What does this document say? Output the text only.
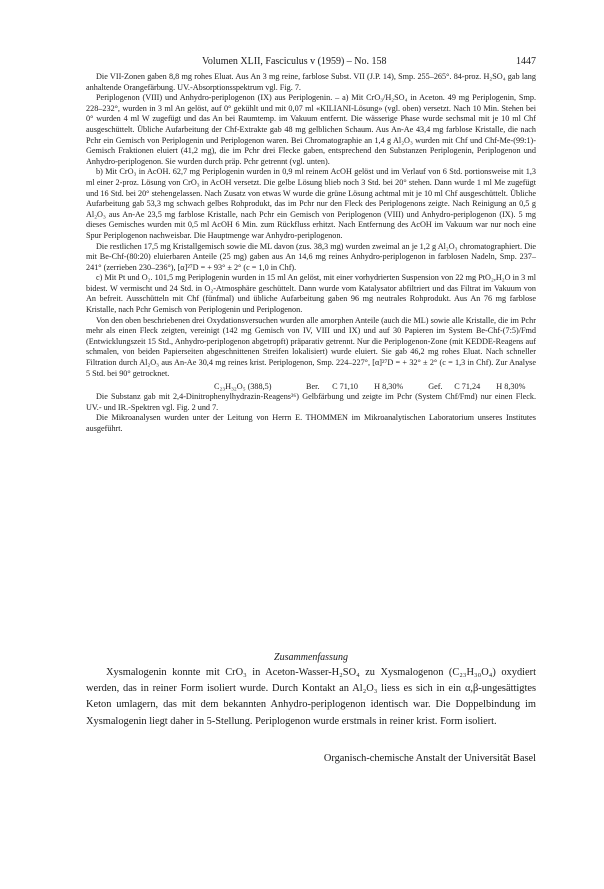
Volumen XLII, Fasciculus v (1959) – No. 158	1447

Die VII-Zonen gaben 8,8 mg rohes Eluat. Aus An 3 mg reine, farblose Subst. VII (J.P. 14), Smp. 255–265°. 84-proz. H₂SO₄ gab lang anhaltende Orangefärbung. UV.-Absorptionsspektrum vgl. Fig. 7.

Periplogenon (VIII) und Anhydro-periplogenon (IX) aus Periplogenin. – a) Mit CrO₃/H₂SO₄ in Aceton. 49 mg Periplogenin, Smp. 228–232°, wurden in 3 ml An gelöst, auf 0° gekühlt und mit 0,07 ml «KILIANI-Lösung» (vgl. oben) versetzt. Nach 10 Min. Stehen bei 0° wurden 4 ml W zugefügt und das An bei Raumtemp. im Vakuum entfernt. Die wässerige Phase wurde sechsmal mit je 10 ml Chf ausgeschüttelt. Übliche Aufarbeitung der Chf-Extrakte gab 48 mg gelblichen Schaum. Aus An-Ae 43,4 mg farblose Kristalle, die nach Pchr ein Gemisch von Periplogenin und Periplogenon waren. Bei Chromatographie an 1,4 g Al₂O₃ wurden mit Chf und Chf-Me-(99:1)-Gemisch Fraktionen eluiert (41,2 mg), die im Pchr drei Flecke gaben, entsprechend den Substanzen Periplogenin, Periplogenon und Anhydro-periplogenon. Sie wurden durch präp. Pchr getrennt (vgl. unten).

b) Mit CrO₃ in AcOH. 62,7 mg Periplogenin wurden in 0,9 ml reinem AcOH gelöst und im Verlauf von 6 Std. portionsweise mit 1,3 ml einer 2-proz. Lösung von CrO₃ in AcOH versetzt. Die gelbe Lösung blieb noch 3 Std. bei 20° stehen. Dann wurde 1 ml Me zugefügt und 16 Std. bei 20° stehengelassen. Nach Zusatz von etwas W wurde die grüne Lösung achtmal mit je 10 ml Chf ausgeschüttelt. Übliche Aufarbeitung gab 53,3 mg schwach gelbes Rohprodukt, das im Pchr nur den Fleck des Periplogenons zeigte. Nach Reinigung an 0,5 g Al₂O₃ aus An-Ae 23,5 mg farblose Kristalle, nach Pchr ein Gemisch von Periplogenon (VIII) und Anhydro-periplogenon (IX). 5 mg dieses Gemisches wurden mit 0,5 ml AcOH 6 Min. zum Rückfluss erhitzt. Nach Entfernung des AcOH im Vakuum war nur noch eine Spur Periplogenon nachweisbar. Die Hauptmenge war Anhydro-periplogenon.

Die restlichen 17,5 mg Kristallgemisch sowie die ML davon (zus. 38,3 mg) wurden zweimal an je 1,2 g Al₂O₃ chromatographiert. Die mit Be-Chf-(80:20) eluierbaren Anteile (25 mg) gaben aus An 14,6 mg reines Anhydro-periplogenon in farblosen Nadeln, Smp. 237–241° (zerrieben 230–236°), [α]²⁷D = + 93° ± 2° (c = 1,0 in Chf).

c) Mit Pt und O₂. 101,5 mg Periplogenin wurden in 15 ml An gelöst, mit einer vorhydrierten Suspension von 22 mg PtO₂,H₂O in 3 ml bidest. W vermischt und 24 Std. in O₂-Atmosphäre geschüttelt. Dann wurde vom Katalysator abfiltriert und das Filtrat im Vakuum von An befreit. Ausschütteln mit Chf (fünfmal) und übliche Aufarbeitung gaben 96 mg neutrales Rohprodukt. Aus An 76 mg farblose Kristalle, nach Pchr Gemisch von Periplogenin und Periplogenon.

Von den oben beschriebenen drei Oxydationsversuchen wurden alle amorphen Anteile (auch die ML) sowie alle Kristalle, die im Pchr mehr als einen Fleck zeigten, vereinigt (142 mg Gemisch von IV, VIII und IX) und auf 30 Papieren im System Be-Chf-(7:5)/Fmd (Entwicklungszeit 15 Std., Anhydro-periplogenon abgetropft) präparativ getrennt. Nur die Periplogenon-Zone (mit KEDDE-Reagens auf schmalen, von beiden Papierseiten abgeschnittenen Streifen lokalisiert) wurde eluiert. Sie gab 46,2 mg rohes Eluat. Nach schneller Filtration durch Al₂O₃ aus An-Ae 30,4 mg reines krist. Periplogenon, Smp. 224–227°, [α]²⁷D = + 32° ± 2° (c = 1,3 in Chf). Zur Analyse 5 Std. bei 90° getrocknet.

C₂₃H₃₂O₅ (388,5)	Ber. C 71,10 H 8,30%	Gef. C 71,24 H 8,30%

Die Substanz gab mit 2,4-Dinitrophenylhydrazin-Reagens²⁶) Gelbfärbung und zeigte im Pchr (System Chf/Fmd) nur einen Fleck. UV.- und IR.-Spektren vgl. Fig. 2 und 7.

Die Mikroanalysen wurden unter der Leitung von Herrn E. THOMMEN im Mikroanalytischen Laboratorium unseres Institutes ausgeführt.

Zusammenfassung

Xysmalogenin konnte mit CrO₃ in Aceton-Wasser-H₂SO₄ zu Xysmalogenon (C₂₃H₃₀O₄) oxydiert werden, das in reiner Form isoliert wurde. Durch Kontakt an Al₂O₃ liess es sich in ein α,β-ungesättigtes Keton umlagern, das mit dem bekannten Anhydro-periplogenon identisch war. Die Doppelbindung im Xysmalogenin liegt daher in 5-Stellung. Periplogenon wurde erstmals in reiner krist. Form isoliert.

Organisch-chemische Anstalt der Universität Basel
